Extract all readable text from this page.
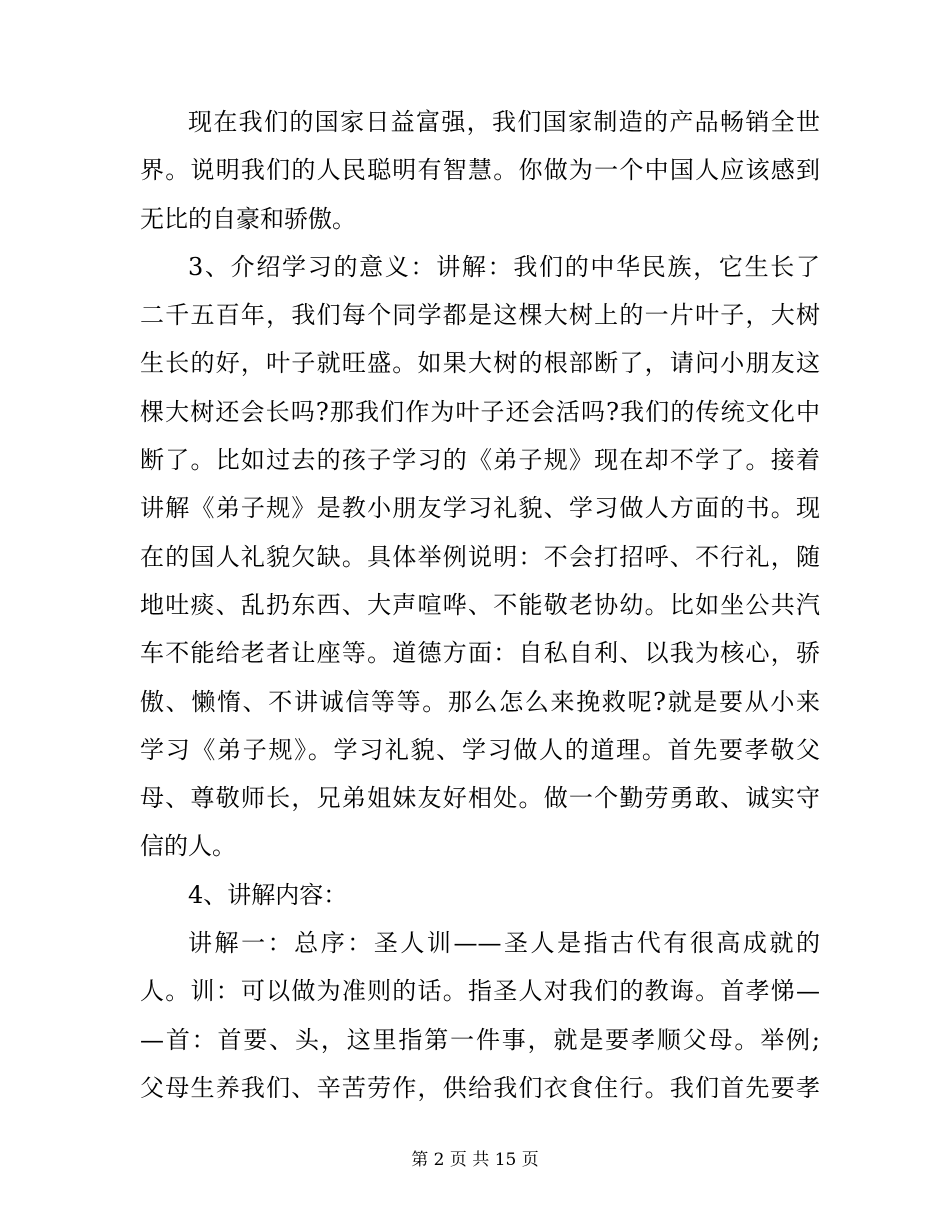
现在我们的国家日益富强，我们国家制造的产品畅销全世
界。说明我们的人民聪明有智慧。你做为一个中国人应该感到
无比的自豪和骄傲。
3、介绍学习的意义：讲解：我们的中华民族，它生长了
二千五百年，我们每个同学都是这棵大树上的一片叶子，大树
生长的好，叶子就旺盛。如果大树的根部断了，请问小朋友这
棵大树还会长吗?那我们作为叶子还会活吗?我们的传统文化中
断了。比如过去的孩子学习的《弟子规》现在却不学了。接着
讲解《弟子规》是教小朋友学习礼貌、学习做人方面的书。现
在的国人礼貌欠缺。具体举例说明：不会打招呼、不行礼，随
地吐痰、乱扔东西、大声喧哗、不能敬老协幼。比如坐公共汽
车不能给老者让座等。道德方面：自私自利、以我为核心，骄
傲、懒惰、不讲诚信等等。那么怎么来挽救呢?就是要从小来
学习《弟子规》。学习礼貌、学习做人的道理。首先要孝敬父
母、尊敬师长，兄弟姐妹友好相处。做一个勤劳勇敢、诚实守
信的人。
4、讲解内容：
讲解一：总序：圣人训——圣人是指古代有很高成就的
人。训：可以做为准则的话。指圣人对我们的教诲。首孝悌—
—首：首要、头，这里指第一件事，就是要孝顺父母。举例;
父母生养我们、辛苦劳作，供给我们衣食住行。我们首先要孝
第 2 页 共 15 页
